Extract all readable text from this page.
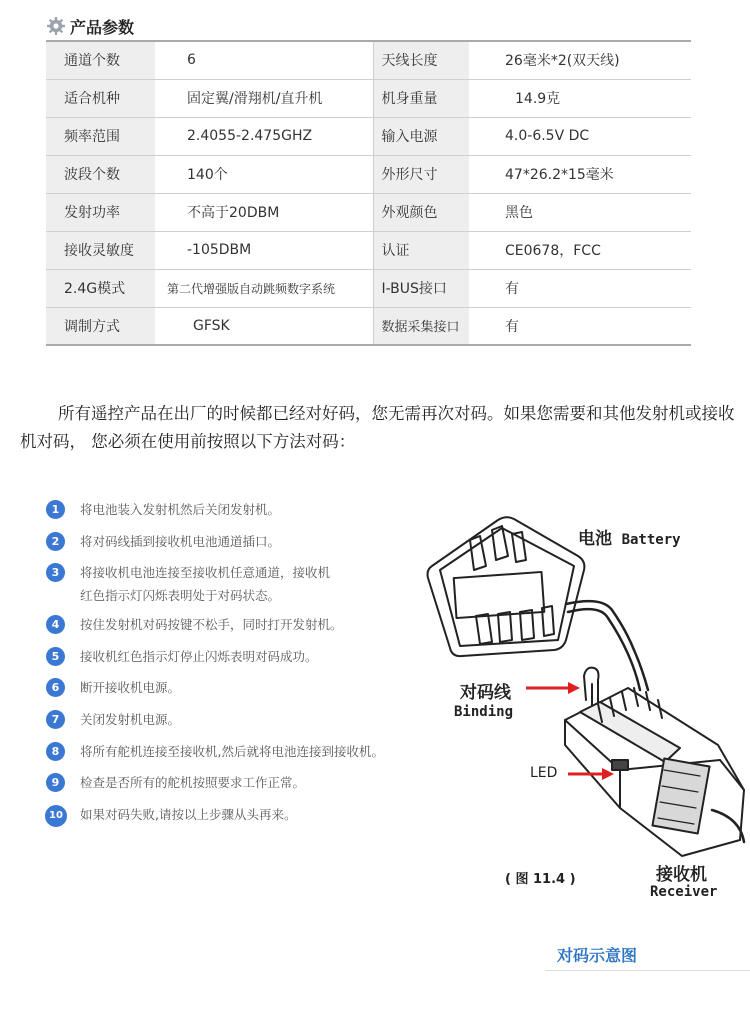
产品参数
通道个数	6	天线长度	26毫米*2(双天线)
适合机种	固定翼/滑翔机/直升机	机身重量	14.9克
频率范围	2.4055-2.475GHZ	输入电源	4.0-6.5V DC
波段个数	140个	外形尺寸	47*26.2*15毫米
发射功率	不高于20DBM	外观颜色	黑色
接收灵敏度	-105DBM	认证	CE0678，FCC
2.4G模式	第二代增强版自动跳频数字系统	I-BUS接口	有
调制方式	GFSK	数据采集接口	有

所有遥控产品在出厂的时候都已经对好码，您无需再次对码。如果您需要和其他发射机或接收机对码， 您必须在使用前按照以下方法对码：

1	将电池装入发射机然后关闭发射机。
2	将对码线插到接收机电池通道插口。
3	将接收机电池连接至接收机任意通道，接收机
红色指示灯闪烁表明处于对码状态。
4	按住发射机对码按键不松手，同时打开发射机。
5	接收机红色指示灯停止闪烁表明对码成功。
6	断开接收机电源。
7	关闭发射机电源。
8	将所有舵机连接至接收机,然后就将电池连接到接收机。
9	检查是否所有的舵机按照要求工作正常。
10	如果对码失败,请按以上步骤从头再来。
电池 Battery
对码线
Binding
LED
接收机
Receiver
( 图 11.4 )
对码示意图
